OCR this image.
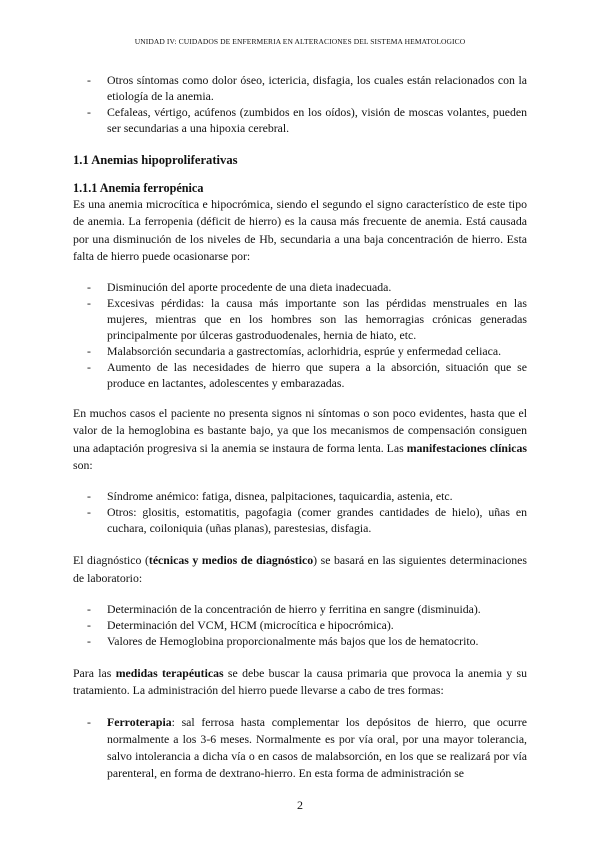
UNIDAD IV: CUIDADOS DE ENFERMERIA EN ALTERACIONES DEL SISTEMA HEMATOLOGICO
- Otros síntomas como dolor óseo, ictericia, disfagia, los cuales están relacionados con la etiología de la anemia.
- Cefaleas, vértigo, acúfenos (zumbidos en los oídos), visión de moscas volantes, pueden ser secundarias a una hipoxia cerebral.

1.1 Anemias hipoproliferativas

1.1.1 Anemia ferropénica

Es una anemia microcítica e hipocrómica, siendo el segundo el signo característico de este tipo de anemia. La ferropenia (déficit de hierro) es la causa más frecuente de anemia. Está causada por una disminución de los niveles de Hb, secundaria a una baja concentración de hierro. Esta falta de hierro puede ocasionarse por:

- Disminución del aporte procedente de una dieta inadecuada.
- Excesivas pérdidas: la causa más importante son las pérdidas menstruales en las mujeres, mientras que en los hombres son las hemorragias crónicas generadas principalmente por úlceras gastroduodenales, hernia de hiato, etc.
- Malabsorción secundaria a gastrectomías, aclorhidria, esprúe y enfermedad celiaca.
- Aumento de las necesidades de hierro que supera a la absorción, situación que se produce en lactantes, adolescentes y embarazadas.

En muchos casos el paciente no presenta signos ni síntomas o son poco evidentes, hasta que el valor de la hemoglobina es bastante bajo, ya que los mecanismos de compensación consiguen una adaptación progresiva si la anemia se instaura de forma lenta. Las manifestaciones clínicas son:

- Síndrome anémico: fatiga, disnea, palpitaciones, taquicardia, astenia, etc.
- Otros: glositis, estomatitis, pagofagia (comer grandes cantidades de hielo), uñas en cuchara, coiloniquia (uñas planas), parestesias, disfagia.

El diagnóstico (técnicas y medios de diagnóstico) se basará en las siguientes determinaciones de laboratorio:

- Determinación de la concentración de hierro y ferritina en sangre (disminuida).
- Determinación del VCM, HCM (microcítica e hipocrómica).
- Valores de Hemoglobina proporcionalmente más bajos que los de hematocrito.

Para las medidas terapéuticas se debe buscar la causa primaria que provoca la anemia y su tratamiento. La administración del hierro puede llevarse a cabo de tres formas:

- Ferroterapia: sal ferrosa hasta complementar los depósitos de hierro, que ocurre normalmente a los 3-6 meses. Normalmente es por vía oral, por una mayor tolerancia, salvo intolerancia a dicha vía o en casos de malabsorción, en los que se realizará por vía parenteral, en forma de dextrano-hierro. En esta forma de administración se
2
